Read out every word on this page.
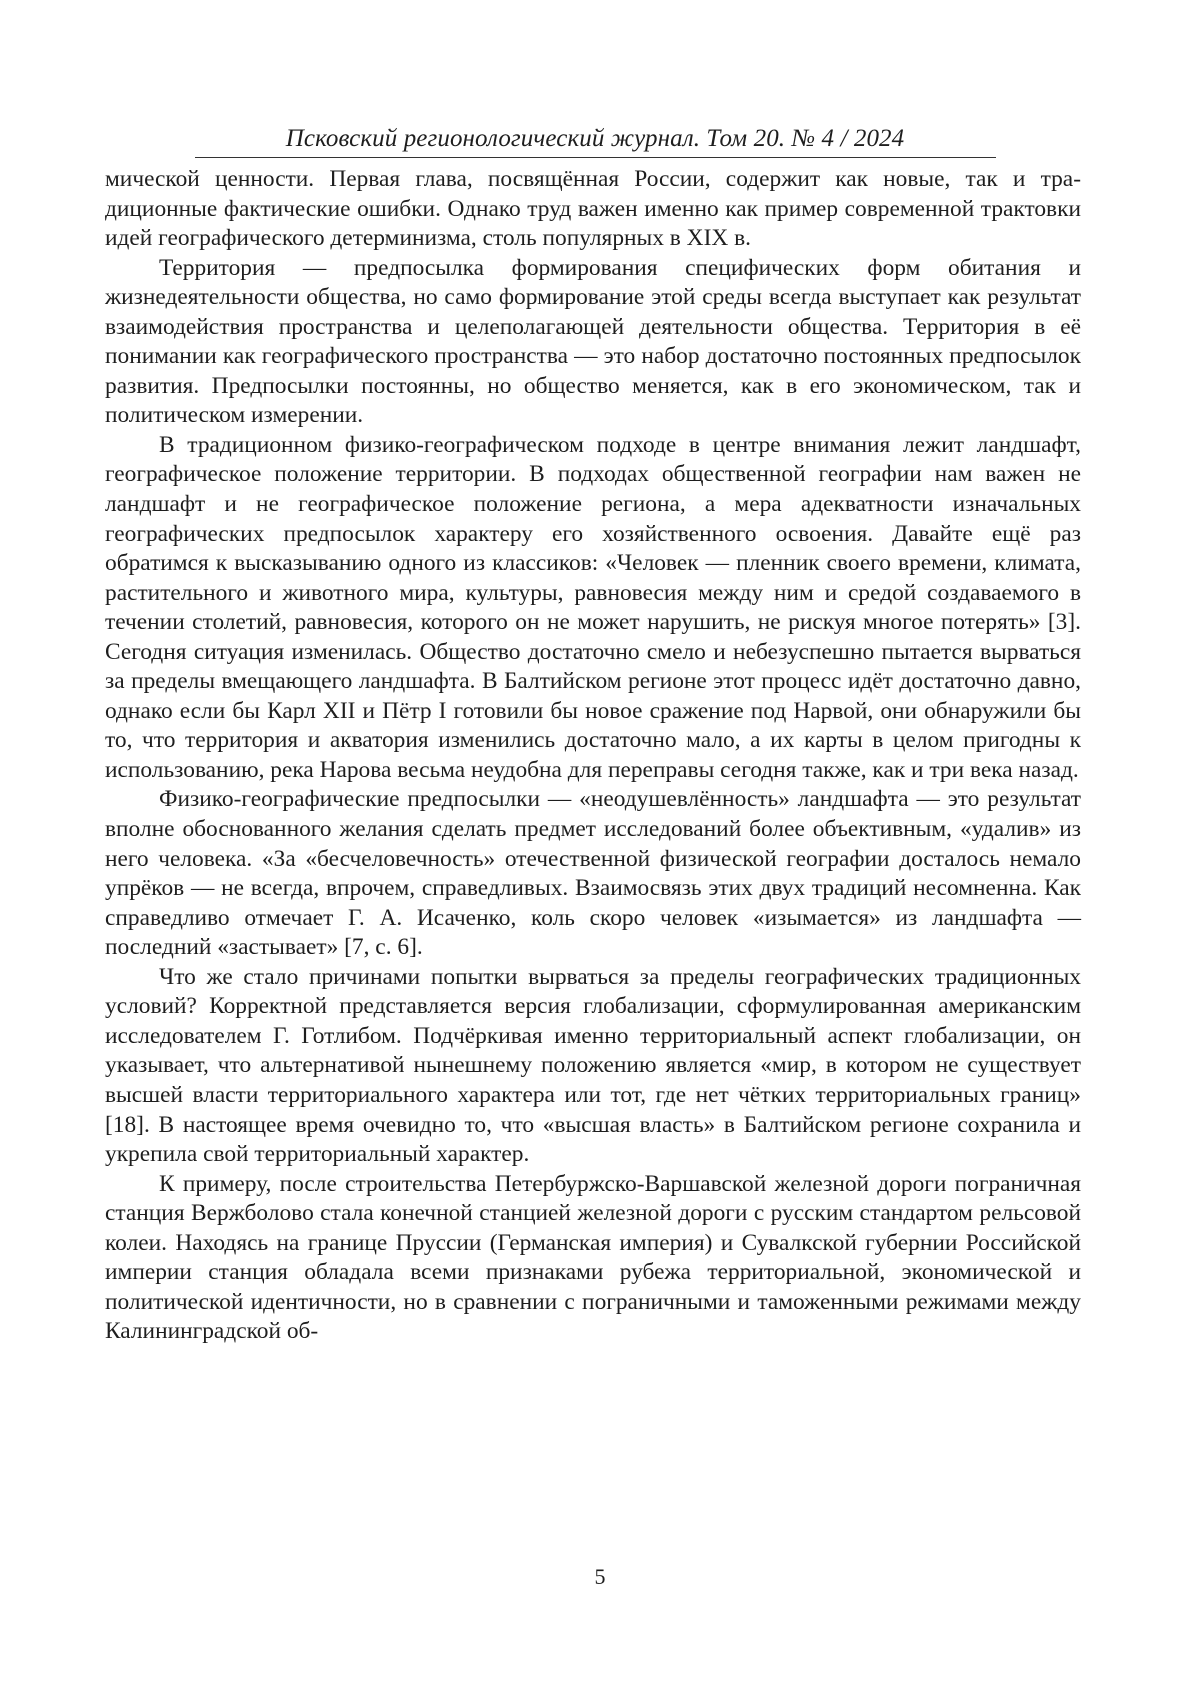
Псковский регионологический журнал. Том 20. № 4 / 2024

мической ценности. Первая глава, посвящённая России, содержит как новые, так и традиционные фактические ошибки. Однако труд важен именно как пример современной трактовки идей географического детерминизма, столь популярных в XIX в.

Территория — предпосылка формирования специфических форм обитания и жизнедеятельности общества, но само формирование этой среды всегда выступает как результат взаимодействия пространства и целеполагающей деятельности общества. Территория в её понимании как географического пространства — это набор достаточно постоянных предпосылок развития. Предпосылки постоянны, но общество меняется, как в его экономическом, так и политическом измерении.

В традиционном физико-географическом подходе в центре внимания лежит ландшафт, географическое положение территории. В подходах общественной географии нам важен не ландшафт и не географическое положение региона, а мера адекватности изначальных географических предпосылок характеру его хозяйственного освоения. Давайте ещё раз обратимся к высказыванию одного из классиков: «Человек — пленник своего времени, климата, растительного и животного мира, культуры, равновесия между ним и средой создаваемого в течении столетий, равновесия, которого он не может нарушить, не рискуя многое потерять» [3]. Сегодня ситуация изменилась. Общество достаточно смело и небезуспешно пытается вырваться за пределы вмещающего ландшафта. В Балтийском регионе этот процесс идёт достаточно давно, однако если бы Карл XII и Пётр I готовили бы новое сражение под Нарвой, они обнаружили бы то, что территория и акватория изменились достаточно мало, а их карты в целом пригодны к использованию, река Нарова весьма неудобна для переправы сегодня также, как и три века назад.

Физико-географические предпосылки — «неодушевлённость» ландшафта — это результат вполне обоснованного желания сделать предмет исследований более объективным, «удалив» из него человека. «За «бесчеловечность» отечественной физической географии досталось немало упрёков — не всегда, впрочем, справедливых. Взаимосвязь этих двух традиций несомненна. Как справедливо отмечает Г. А. Исаченко, коль скоро человек «изымается» из ландшафта — последний «застывает» [7, с. 6].

Что же стало причинами попытки вырваться за пределы географических традиционных условий? Корректной представляется версия глобализации, сформулированная американским исследователем Г. Готлибом. Подчёркивая именно территориальный аспект глобализации, он указывает, что альтернативой нынешнему положению является «мир, в котором не существует высшей власти территориального характера или тот, где нет чётких территориальных границ» [18]. В настоящее время очевидно то, что «высшая власть» в Балтийском регионе сохранила и укрепила свой территориальный характер.

К примеру, после строительства Петербуржско-Варшавской железной дороги пограничная станция Вержболово стала конечной станцией железной дороги с русским стандартом рельсовой колеи. Находясь на границе Пруссии (Германская империя) и Сувалкской губернии Российской империи станция обладала всеми признаками рубежа территориальной, экономической и политической идентичности, но в сравнении с пограничными и таможенными режимами между Калининградской об-

5
